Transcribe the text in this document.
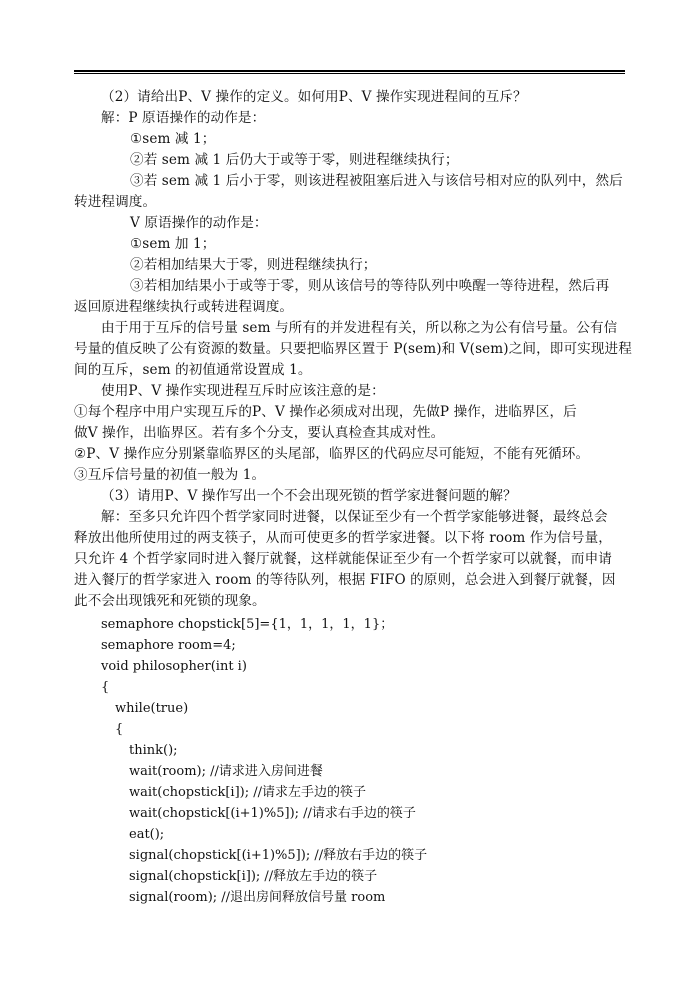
（2）请给出P、V 操作的定义。如何用P、V 操作实现进程间的互斥？
解：P 原语操作的动作是：
①sem 减 1；
②若 sem 减 1 后仍大于或等于零，则进程继续执行；
③若 sem 减 1 后小于零，则该进程被阻塞后进入与该信号相对应的队列中，然后
转进程调度。
V 原语操作的动作是：
①sem 加 1；
②若相加结果大于零，则进程继续执行；
③若相加结果小于或等于零，则从该信号的等待队列中唤醒一等待进程，然后再
返回原进程继续执行或转进程调度。
由于用于互斥的信号量 sem 与所有的并发进程有关，所以称之为公有信号量。公有信
号量的值反映了公有资源的数量。只要把临界区置于 P(sem)和 V(sem)之间，即可实现进程
间的互斥，sem 的初值通常设置成 1。
使用P、V 操作实现进程互斥时应该注意的是：
①每个程序中用户实现互斥的P、V 操作必须成对出现，先做P 操作，进临界区，后
做V 操作，出临界区。若有多个分支，要认真检查其成对性。
②P、V 操作应分别紧靠临界区的头尾部，临界区的代码应尽可能短，不能有死循环。
③互斥信号量的初值一般为 1。
（3）请用P、V 操作写出一个不会出现死锁的哲学家进餐问题的解？
解：至多只允许四个哲学家同时进餐，以保证至少有一个哲学家能够进餐，最终总会
释放出他所使用过的两支筷子，从而可使更多的哲学家进餐。以下将 room 作为信号量，
只允许 4 个哲学家同时进入餐厅就餐，这样就能保证至少有一个哲学家可以就餐，而申请
进入餐厅的哲学家进入 room 的等待队列，根据 FIFO 的原则，总会进入到餐厅就餐，因
此不会出现饿死和死锁的现象。
semaphore chopstick[5]={1，1，1，1，1}；
semaphore room=4;
void philosopher(int i)
{
while(true)
{
think();
wait(room); //请求进入房间进餐
wait(chopstick[i]); //请求左手边的筷子
wait(chopstick[(i+1)%5]); //请求右手边的筷子
eat();
signal(chopstick[(i+1)%5]); //释放右手边的筷子
signal(chopstick[i]); //释放左手边的筷子
signal(room); //退出房间释放信号量 room
